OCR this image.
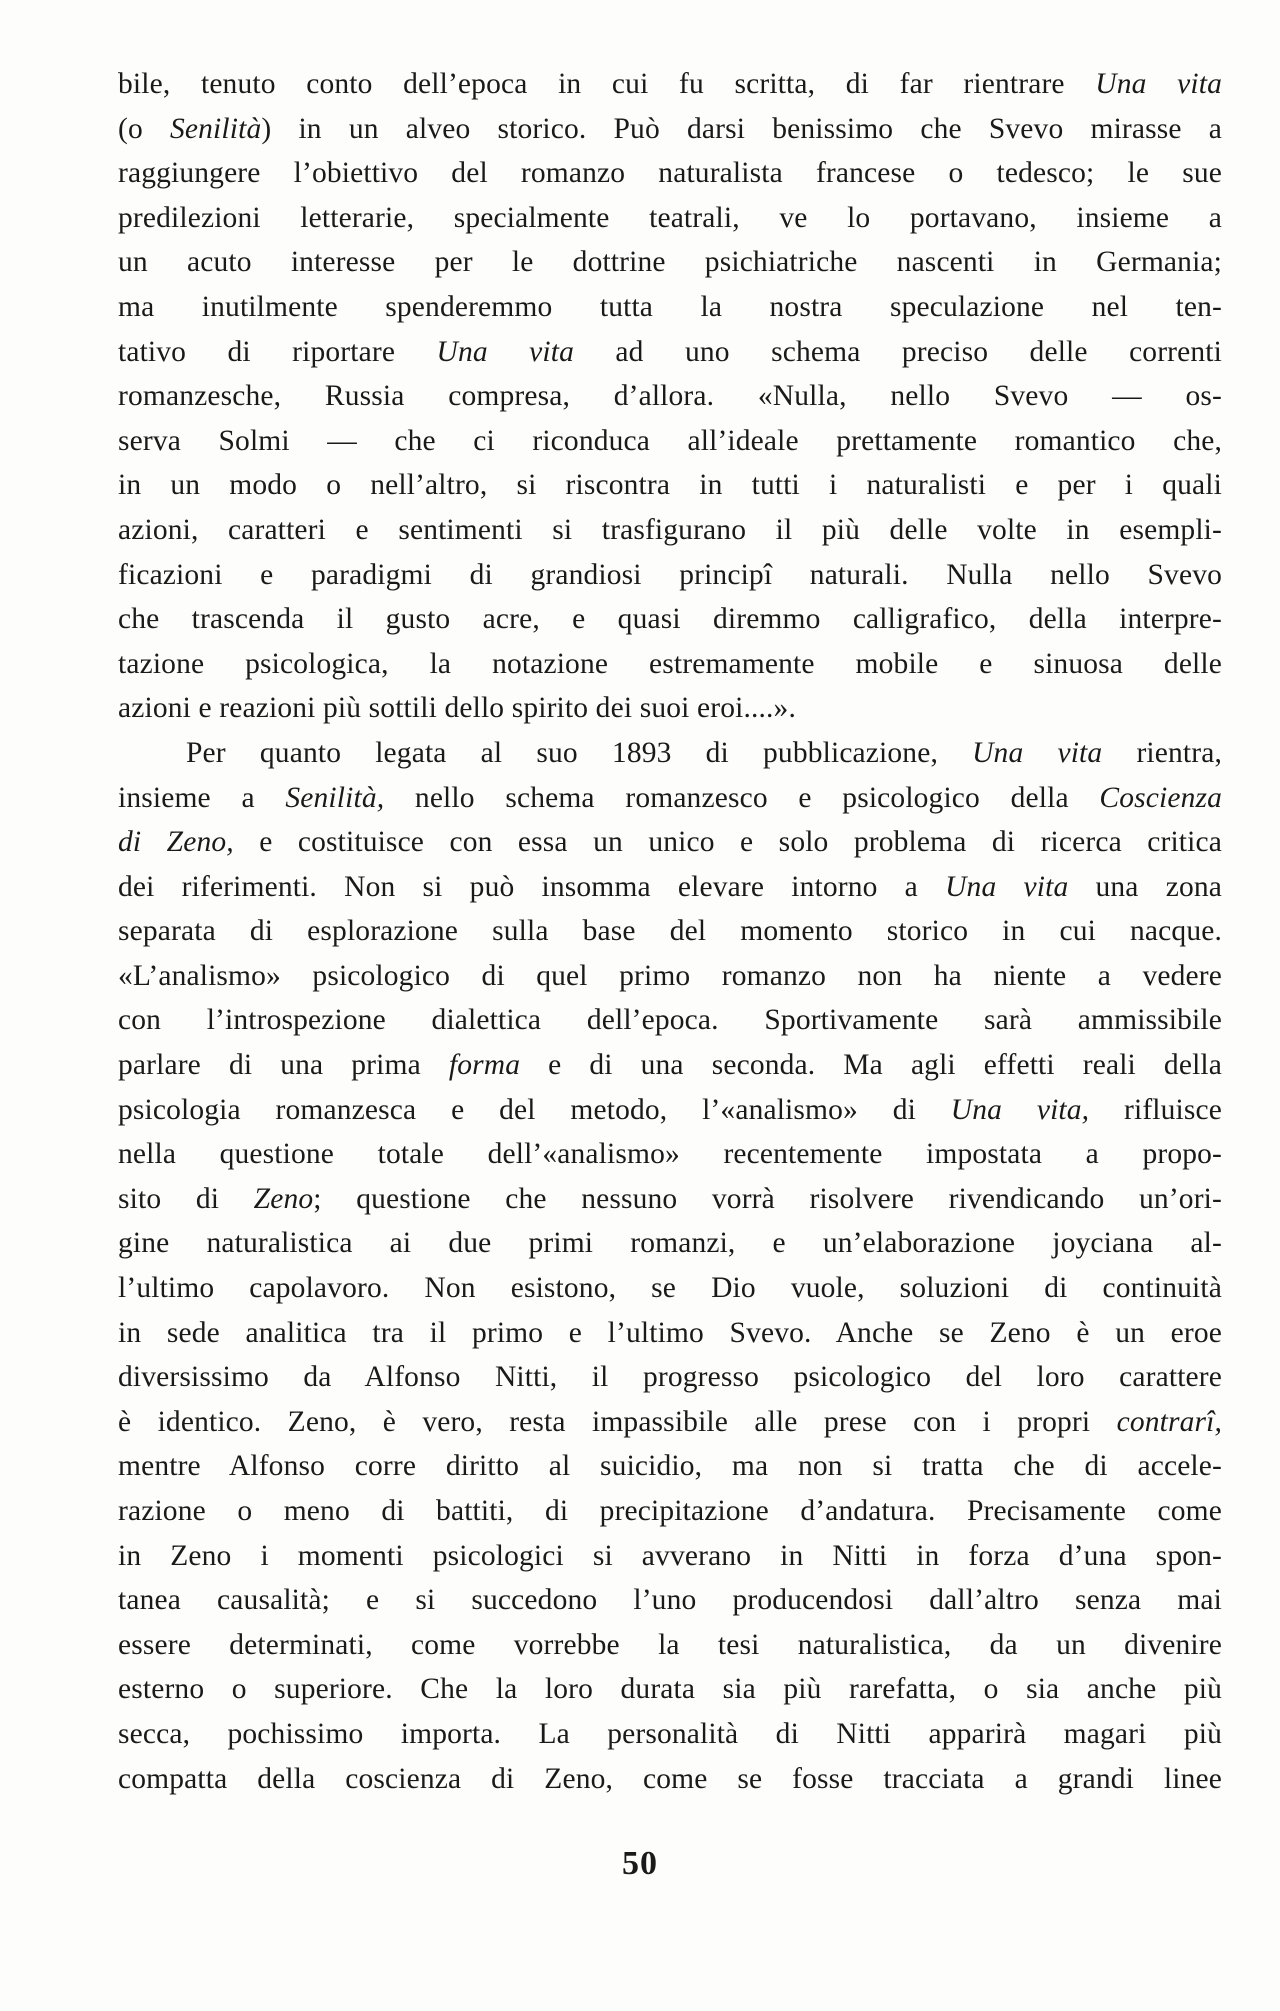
bile, tenuto conto dell’epoca in cui fu scritta, di far rientrare Una vita
(o Senilità) in un alveo storico. Può darsi benissimo che Svevo mirasse a
raggiungere l’obiettivo del romanzo naturalista francese o tedesco; le sue
predilezioni letterarie, specialmente teatrali, ve lo portavano, insieme a
un acuto interesse per le dottrine psichiatriche nascenti in Germania;
ma inutilmente spenderemmo tutta la nostra speculazione nel ten-
tativo di riportare Una vita ad uno schema preciso delle correnti
romanzesche, Russia compresa, d’allora. «Nulla, nello Svevo — os-
serva Solmi — che ci riconduca all’ideale prettamente romantico che,
in un modo o nell’altro, si riscontra in tutti i naturalisti e per i quali
azioni, caratteri e sentimenti si trasfigurano il più delle volte in esempli-
ficazioni e paradigmi di grandiosi principî naturali. Nulla nello Svevo
che trascenda il gusto acre, e quasi diremmo calligrafico, della interpre-
tazione psicologica, la notazione estremamente mobile e sinuosa delle
azioni e reazioni più sottili dello spirito dei suoi eroi....».
Per quanto legata al suo 1893 di pubblicazione, Una vita rientra,
insieme a Senilità, nello schema romanzesco e psicologico della Coscienza
di Zeno, e costituisce con essa un unico e solo problema di ricerca critica
dei riferimenti. Non si può insomma elevare intorno a Una vita una zona
separata di esplorazione sulla base del momento storico in cui nacque.
«L’analismo» psicologico di quel primo romanzo non ha niente a vedere
con l’introspezione dialettica dell’epoca. Sportivamente sarà ammissibile
parlare di una prima forma e di una seconda. Ma agli effetti reali della
psicologia romanzesca e del metodo, l’«analismo» di Una vita, rifluisce
nella questione totale dell’«analismo» recentemente impostata a propo-
sito di Zeno; questione che nessuno vorrà risolvere rivendicando un’ori-
gine naturalistica ai due primi romanzi, e un’elaborazione joyciana al-
l’ultimo capolavoro. Non esistono, se Dio vuole, soluzioni di continuità
in sede analitica tra il primo e l’ultimo Svevo. Anche se Zeno è un eroe
diversissimo da Alfonso Nitti, il progresso psicologico del loro carattere
è identico. Zeno, è vero, resta impassibile alle prese con i propri contrarî,
mentre Alfonso corre diritto al suicidio, ma non si tratta che di accele-
razione o meno di battiti, di precipitazione d’andatura. Precisamente come
in Zeno i momenti psicologici si avverano in Nitti in forza d’una spon-
tanea causalità; e si succedono l’uno producendosi dall’altro senza mai
essere determinati, come vorrebbe la tesi naturalistica, da un divenire
esterno o superiore. Che la loro durata sia più rarefatta, o sia anche più
secca, pochissimo importa. La personalità di Nitti apparirà magari più
compatta della coscienza di Zeno, come se fosse tracciata a grandi linee
50
